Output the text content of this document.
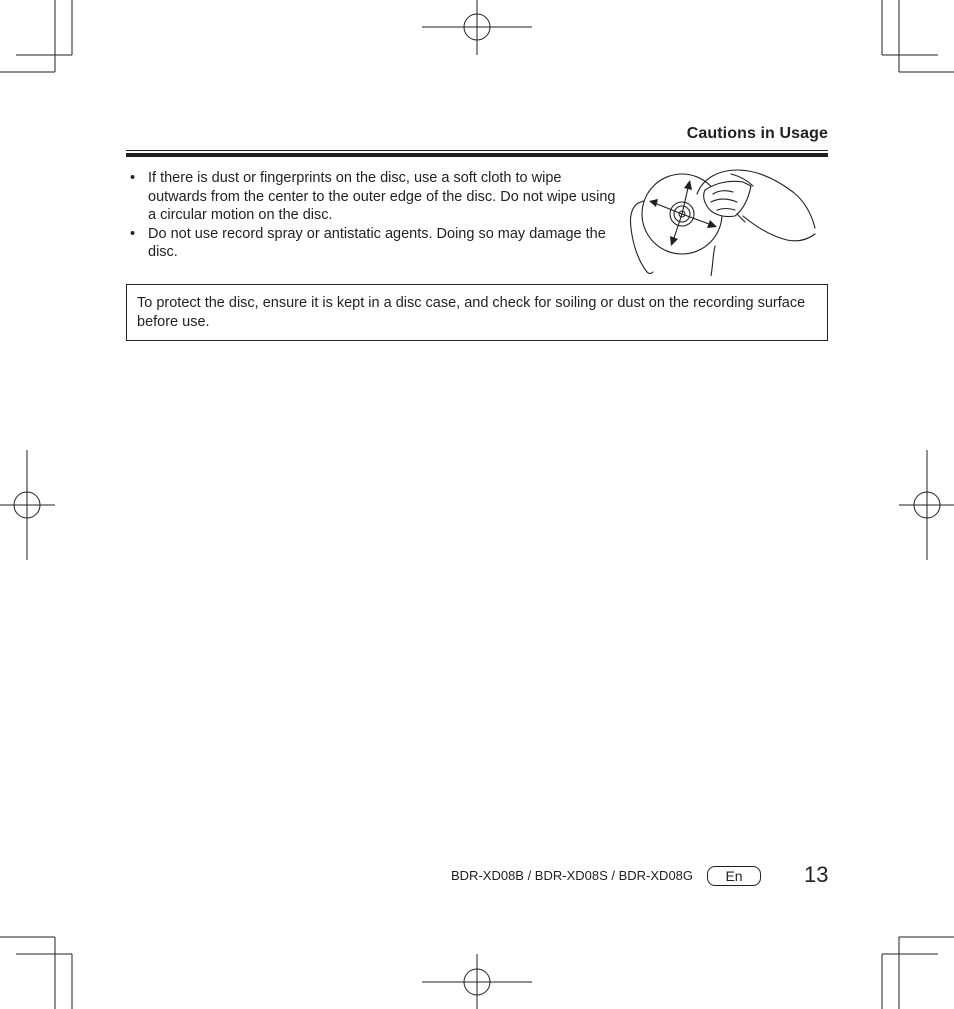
Cautions in Usage
• If there is dust or fingerprints on the disc, use a soft cloth to wipe outwards from the center to the outer edge of the disc. Do not wipe using a circular motion on the disc.
• Do not use record spray or antistatic agents. Doing so may damage the disc.
To protect the disc, ensure it is kept in a disc case, and check for soiling or dust on the recording surface before use.
BDR-XD08B / BDR-XD08S / BDR-XD08G	En	13
